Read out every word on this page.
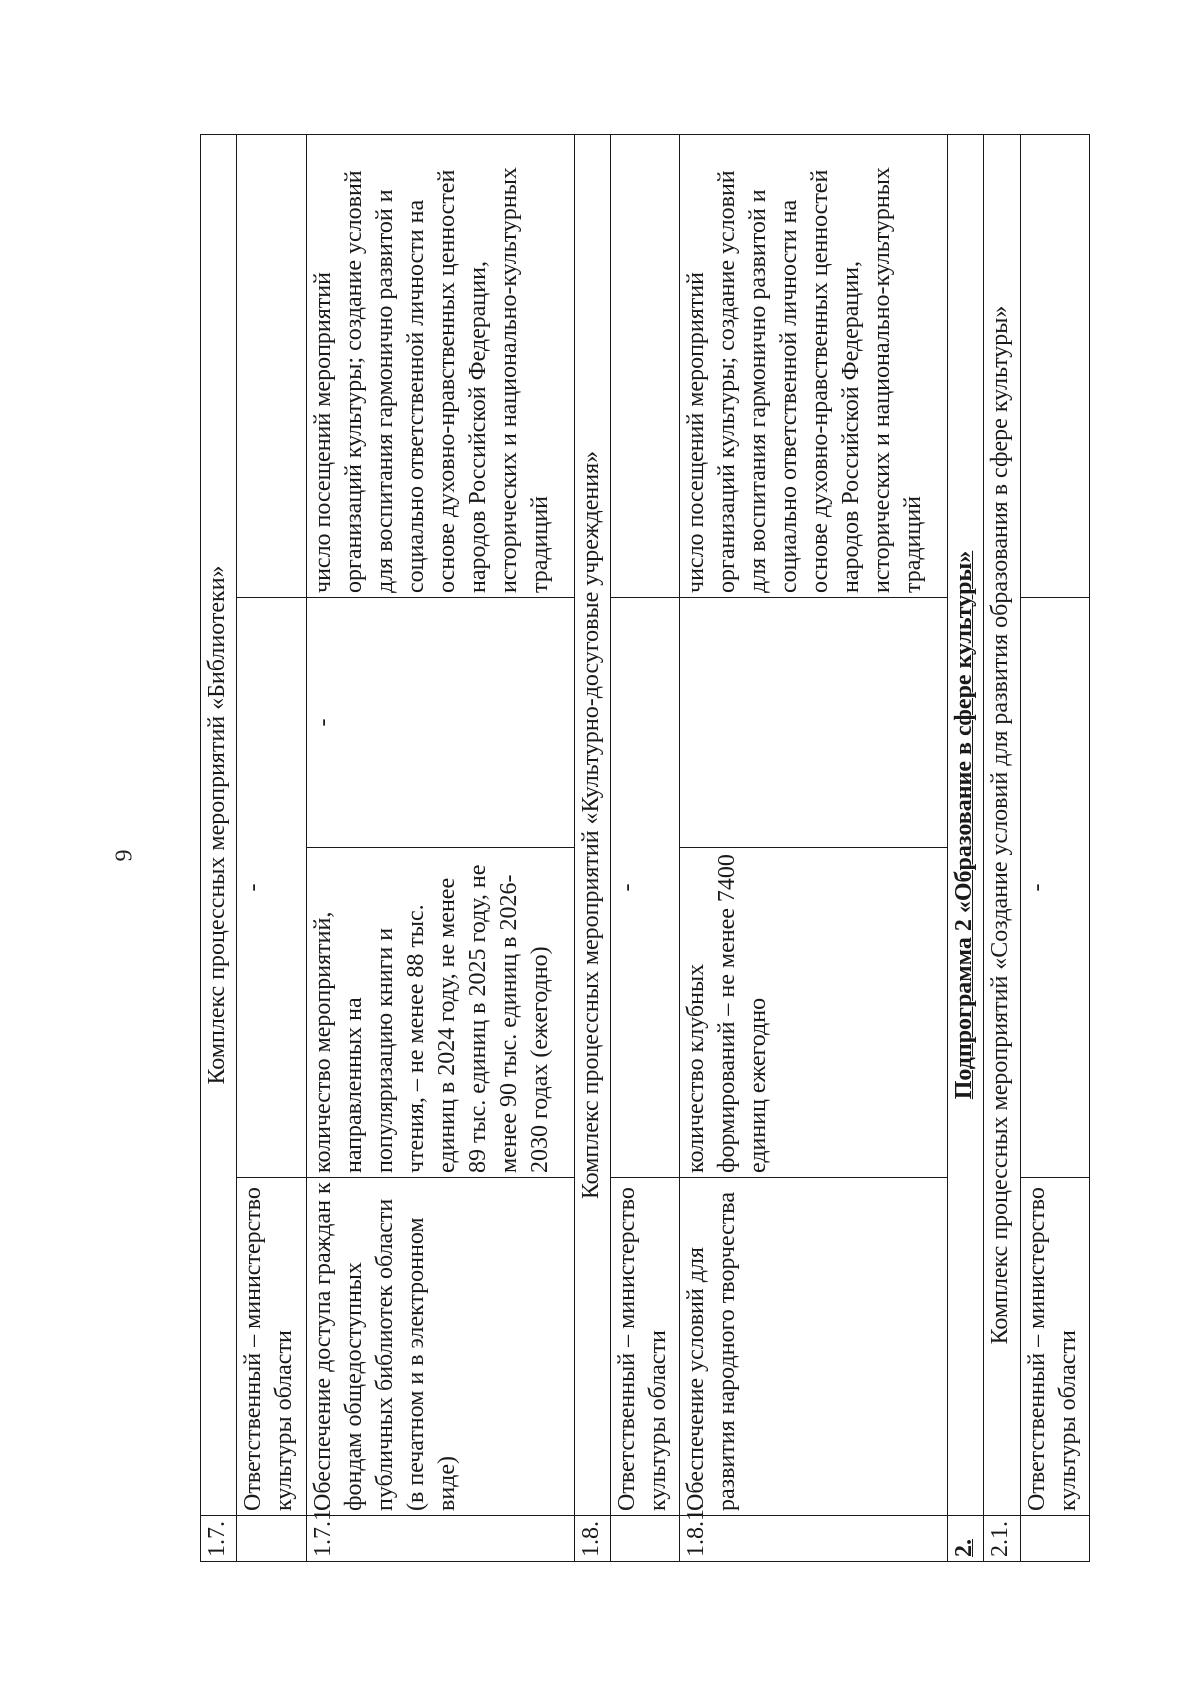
9
1.7.	Комплекс процессных мероприятий «Библиотеки»			
	Ответственный – министерство культуры области	-		
1.7.1.	Обеспечение доступа граждан к фондам общедоступных публичных библиотек области (в печатном и в электронном виде)	количество мероприятий, направленных на популяризацию книги и чтения, – не менее 88 тыс. единиц в 2024 году, не менее 89 тыс. единиц в 2025 году, не менее 90 тыс. единиц в 2026-2030 годах (ежегодно)	-	число посещений мероприятий организаций культуры; создание условий для воспитания гармонично развитой и социально ответственной личности на основе духовно-нравственных ценностей народов Российской Федерации, исторических и национально-культурных традиций
1.8.	Комплекс процессных мероприятий «Культурно-досуговые учреждения»			
	Ответственный – министерство культуры области	-		
1.8.1.	Обеспечение условий для развития народного творчества	количество клубных формирований – не менее 7400 единиц ежегодно		число посещений мероприятий организаций культуры; создание условий для воспитания гармонично развитой и социально ответственной личности на основе духовно-нравственных ценностей народов Российской Федерации, исторических и национально-культурных традиций
2.	Подпрограмма 2 «Образование в сфере культуры»			
2.1.	Комплекс процессных мероприятий «Создание условий для развития образования в сфере культуры»			
	Ответственный – министерство культуры области	-		
